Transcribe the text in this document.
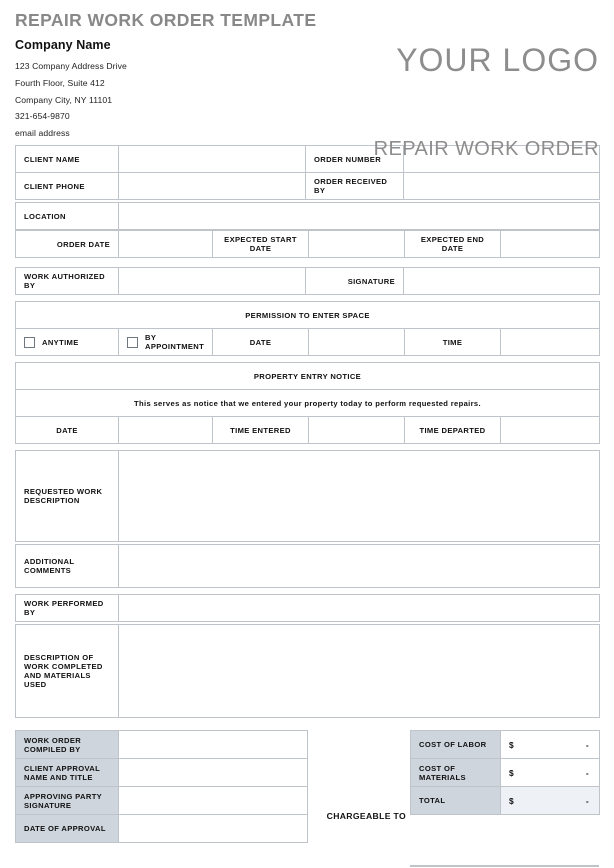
REPAIR WORK ORDER TEMPLATE
Company Name
123 Company Address Drive
Fourth Floor, Suite 412
Company City, NY 11101
321-654-9870
email address
YOUR LOGO
REPAIR WORK ORDER
CLIENT NAME		ORDER NUMBER	
CLIENT PHONE		ORDER RECEIVED BY	
LOCATION	
ORDER DATE		EXPECTED START DATE		EXPECTED END DATE	
WORK AUTHORIZED BY		SIGNATURE	
PERMISSION TO ENTER SPACE

ANYTIME	BY APPOINTMENT	DATE		TIME	
PROPERTY ENTRY NOTICE
This serves as notice that we entered your property today to perform requested repairs.
DATE		TIME ENTERED		TIME DEPARTED	
REQUESTED WORK DESCRIPTION	
ADDITIONAL COMMENTS	
WORK PERFORMED BY	
DESCRIPTION OF WORK COMPLETED AND MATERIALS USED	
WORK ORDER COMPILED BY	
CLIENT APPROVAL NAME AND TITLE	
APPROVING PARTY SIGNATURE	
DATE OF APPROVAL	
CHARGEABLE TO
COST OF LABOR	$ -

COST OF MATERIALS	$ -

TOTAL	$ -
